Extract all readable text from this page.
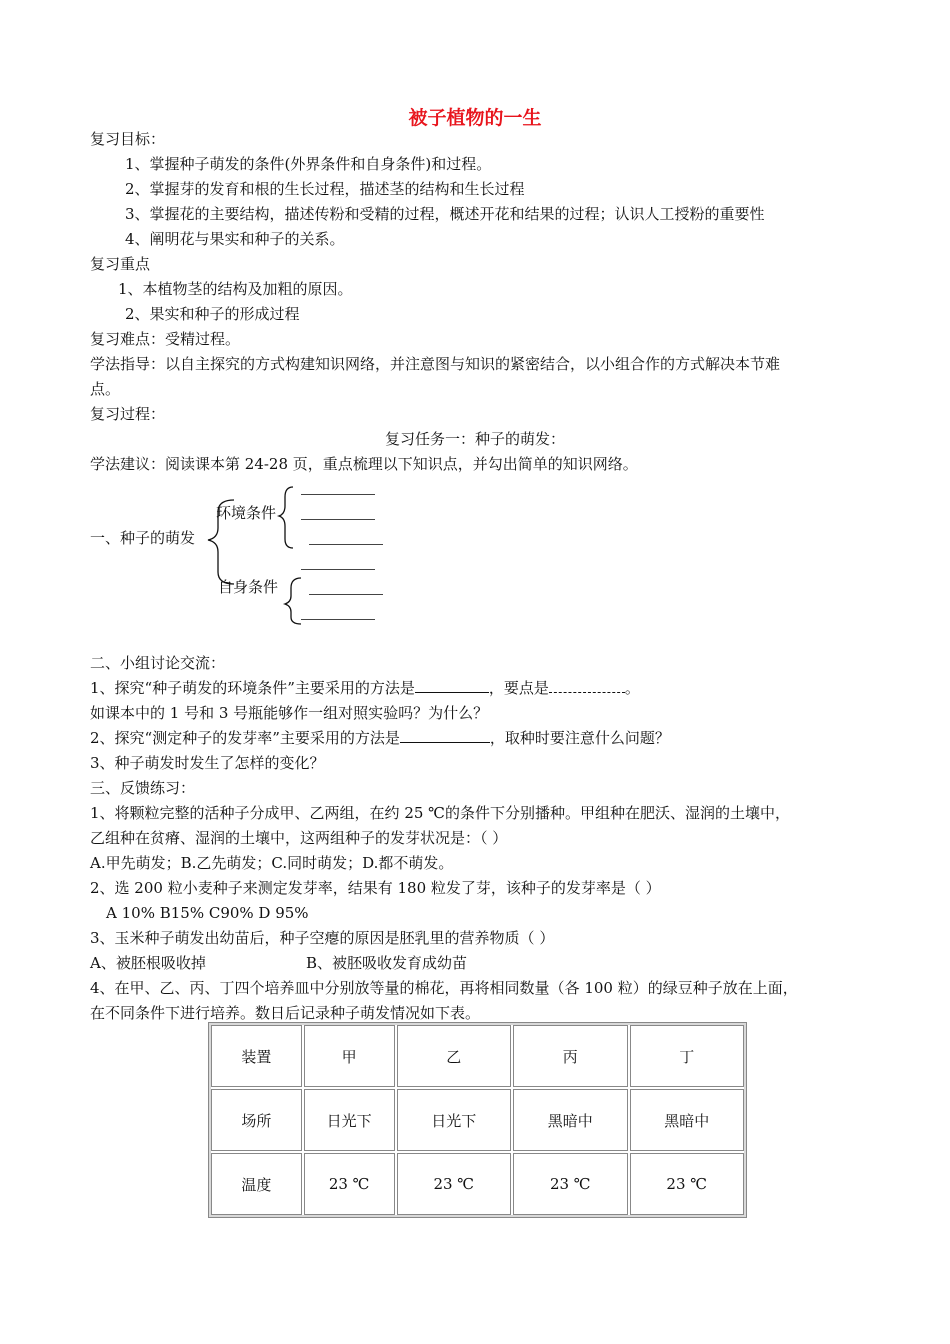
被子植物的一生
复习目标：
1、掌握种子萌发的条件(外界条件和自身条件)和过程。
2、掌握芽的发育和根的生长过程，描述茎的结构和生长过程
3、掌握花的主要结构，描述传粉和受精的过程，概述开花和结果的过程；认识人工授粉的重要性
4、阐明花与果实和种子的关系。
复习重点
1、本植物茎的结构及加粗的原因。
2、果实和种子的形成过程
复习难点：受精过程。
学法指导：以自主探究的方式构建知识网络，并注意图与知识的紧密结合，以小组合作的方式解决本节难
点。
复习过程：
复习任务一：种子的萌发：
学法建议：阅读课本第 24-28 页，重点梳理以下知识点，并勾出简单的知识网络。
一、种子的萌发
环境条件
自身条件
二、小组讨论交流：
1、探究“种子萌发的环境条件”主要采用的方法是	，要点是	。
如课本中的 1 号和 3 号瓶能够作一组对照实验吗？为什么？
2、探究“测定种子的发芽率”主要采用的方法是	，取种时要注意什么问题？
3、种子萌发时发生了怎样的变化？
三、反馈练习：
1、将颗粒完整的活种子分成甲、乙两组，在约 25 ℃的条件下分别播种。甲组种在肥沃、湿润的土壤中，
乙组种在贫瘠、湿润的土壤中，这两组种子的发芽状况是：（ ）
A.甲先萌发；B.乙先萌发；C.同时萌发；D.都不萌发。
2、选 200 粒小麦种子来测定发芽率，结果有 180 粒发了芽，该种子的发芽率是（ ）
A 10% B15% C90% D 95%
3、玉米种子萌发出幼苗后，种子空瘪的原因是胚乳里的营养物质（ ）
A、被胚根吸收掉	B、被胚吸收发育成幼苗
4、在甲、乙、丙、丁四个培养皿中分别放等量的棉花，再将相同数量（各 100 粒）的绿豆种子放在上面，
在不同条件下进行培养。数日后记录种子萌发情况如下表。
装置	甲	乙	丙	丁
场所	日光下	日光下	黑暗中	黑暗中
温度	23 ℃	23 ℃	23 ℃	23 ℃
